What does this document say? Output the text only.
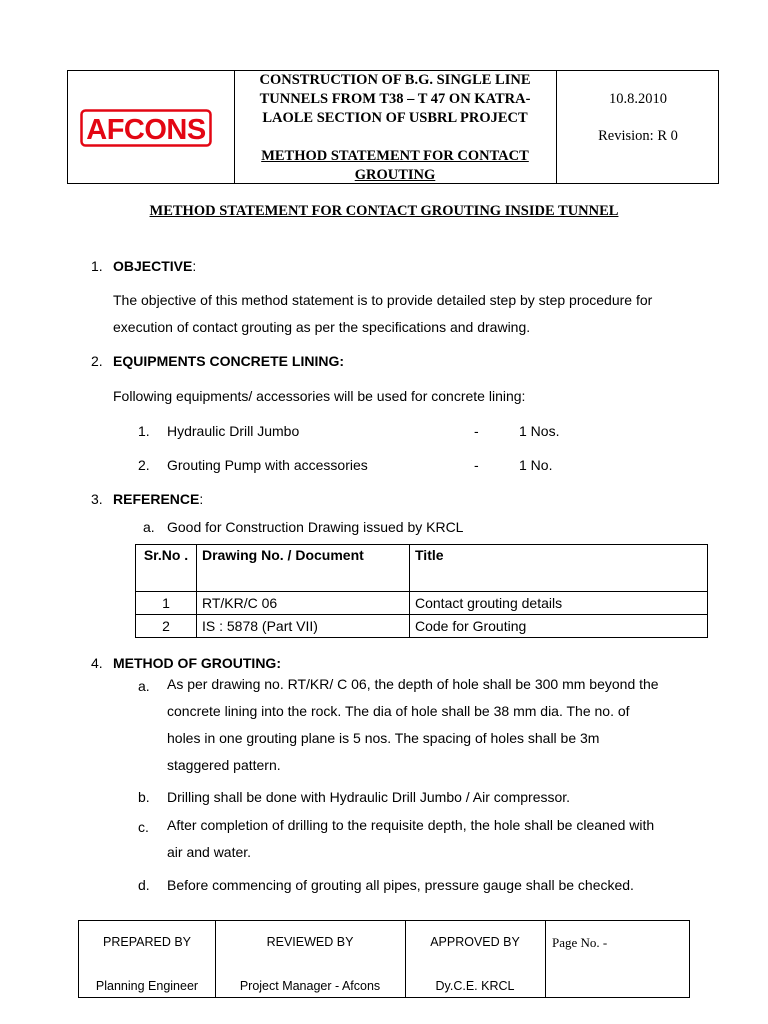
AFCONS
CONSTRUCTION OF B.G. SINGLE LINE
TUNNELS FROM T38 – T 47 ON KATRA-
LAOLE SECTION OF USBRL PROJECT
METHOD STATEMENT FOR CONTACT
GROUTING
10.8.2010
Revision: R 0
METHOD STATEMENT FOR CONTACT GROUTING INSIDE TUNNEL
1. OBJECTIVE:
The objective of this method statement is to provide detailed step by step procedure for
execution of contact grouting as per the specifications and drawing.
2. EQUIPMENTS CONCRETE LINING:
Following equipments/ accessories will be used for concrete lining:
1. Hydraulic Drill Jumbo	-	1 Nos.
2. Grouting Pump with accessories	-	1 No.
3. REFERENCE:
a. Good for Construction Drawing issued by KRCL
Sr.No .	Drawing No. / Document	Title
1	RT/KR/C 06	Contact grouting details
2	IS : 5878 (Part VII)	Code for Grouting
4. METHOD OF GROUTING:
a. As per drawing no. RT/KR/ C 06, the depth of hole shall be 300 mm beyond the
concrete lining into the rock. The dia of hole shall be 38 mm dia. The no. of
holes in one grouting plane is 5 nos. The spacing of holes shall be 3m
staggered pattern.
b. Drilling shall be done with Hydraulic Drill Jumbo / Air compressor.
c. After completion of drilling to the requisite depth, the hole shall be cleaned with
air and water.
d. Before commencing of grouting all pipes, pressure gauge shall be checked.
PREPARED BY
Planning Engineer
REVIEWED BY
Project Manager - Afcons
APPROVED BY
Dy.C.E. KRCL
Page No. -
